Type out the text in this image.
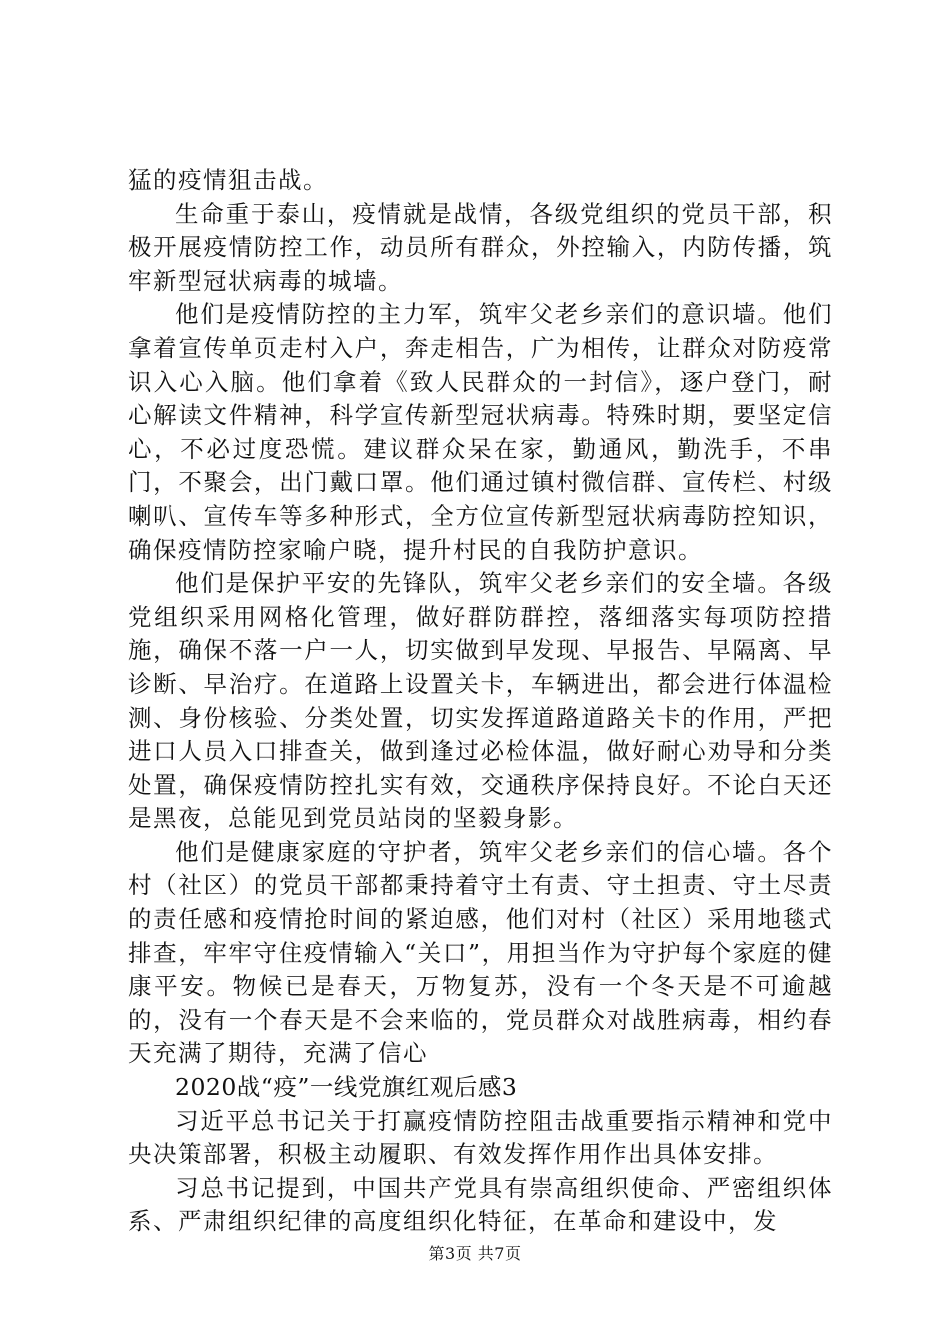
猛的疫情狙击战。

生命重于泰山，疫情就是战情，各级党组织的党员干部，积极开展疫情防控工作，动员所有群众，外控输入，内防传播，筑牢新型冠状病毒的城墙。

他们是疫情防控的主力军，筑牢父老乡亲们的意识墙。他们拿着宣传单页走村入户，奔走相告，广为相传，让群众对防疫常识入心入脑。他们拿着《致人民群众的一封信》，逐户登门，耐心解读文件精神，科学宣传新型冠状病毒。特殊时期，要坚定信心，不必过度恐慌。建议群众呆在家，勤通风，勤洗手，不串门，不聚会，出门戴口罩。他们通过镇村微信群、宣传栏、村级喇叭、宣传车等多种形式，全方位宣传新型冠状病毒防控知识，确保疫情防控家喻户晓，提升村民的自我防护意识。

他们是保护平安的先锋队，筑牢父老乡亲们的安全墙。各级党组织采用网格化管理，做好群防群控，落细落实每项防控措施，确保不落一户一人，切实做到早发现、早报告、早隔离、早诊断、早治疗。在道路上设置关卡，车辆进出，都会进行体温检测、身份核验、分类处置，切实发挥道路道路关卡的作用，严把进口人员入口排查关，做到逢过必检体温，做好耐心劝导和分类处置，确保疫情防控扎实有效，交通秩序保持良好。不论白天还是黑夜，总能见到党员站岗的坚毅身影。

他们是健康家庭的守护者，筑牢父老乡亲们的信心墙。各个村（社区）的党员干部都秉持着守土有责、守土担责、守土尽责的责任感和疫情抢时间的紧迫感，他们对村（社区）采用地毯式排查，牢牢守住疫情输入“关口”，用担当作为守护每个家庭的健康平安。物候已是春天，万物复苏，没有一个冬天是不可逾越的，没有一个春天是不会来临的，党员群众对战胜病毒，相约春天充满了期待，充满了信心

2020战“疫”一线党旗红观后感3

习近平总书记关于打赢疫情防控阻击战重要指示精神和党中央决策部署，积极主动履职、有效发挥作用作出具体安排。

习总书记提到，中国共产党具有崇高组织使命、严密组织体系、严肃组织纪律的高度组织化特征，在革命和建设中，发

第3页 共7页
